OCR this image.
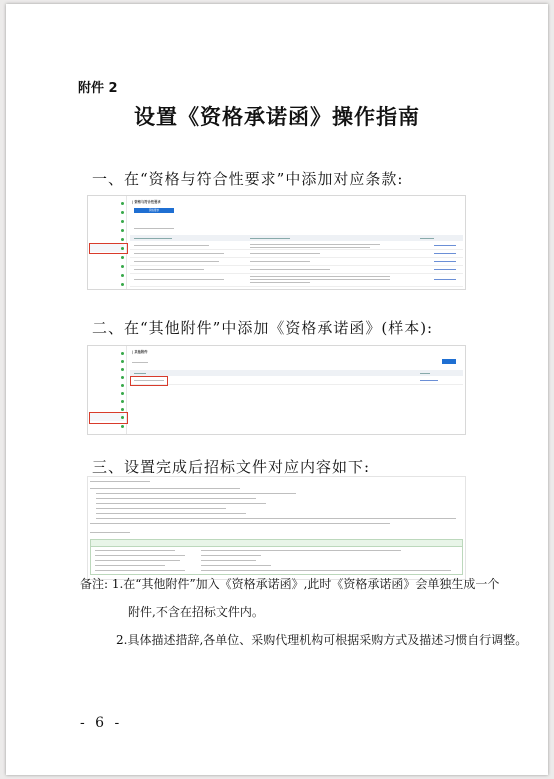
附件 2
设置《资格承诺函》操作指南
一、在“资格与符合性要求”中添加对应条款:
| 资格与符合性要求
资格要求
二、在“其他附件”中添加《资格承诺函》(样本):
| 其他附件
三、设置完成后招标文件对应内容如下:
备注: 1.在“其他附件”加入《资格承诺函》,此时《资格承诺函》会单独生成一个
附件,不含在招标文件内。
2.具体描述措辞,各单位、采购代理机构可根据采购方式及描述习惯自行调整。
- 6 -
